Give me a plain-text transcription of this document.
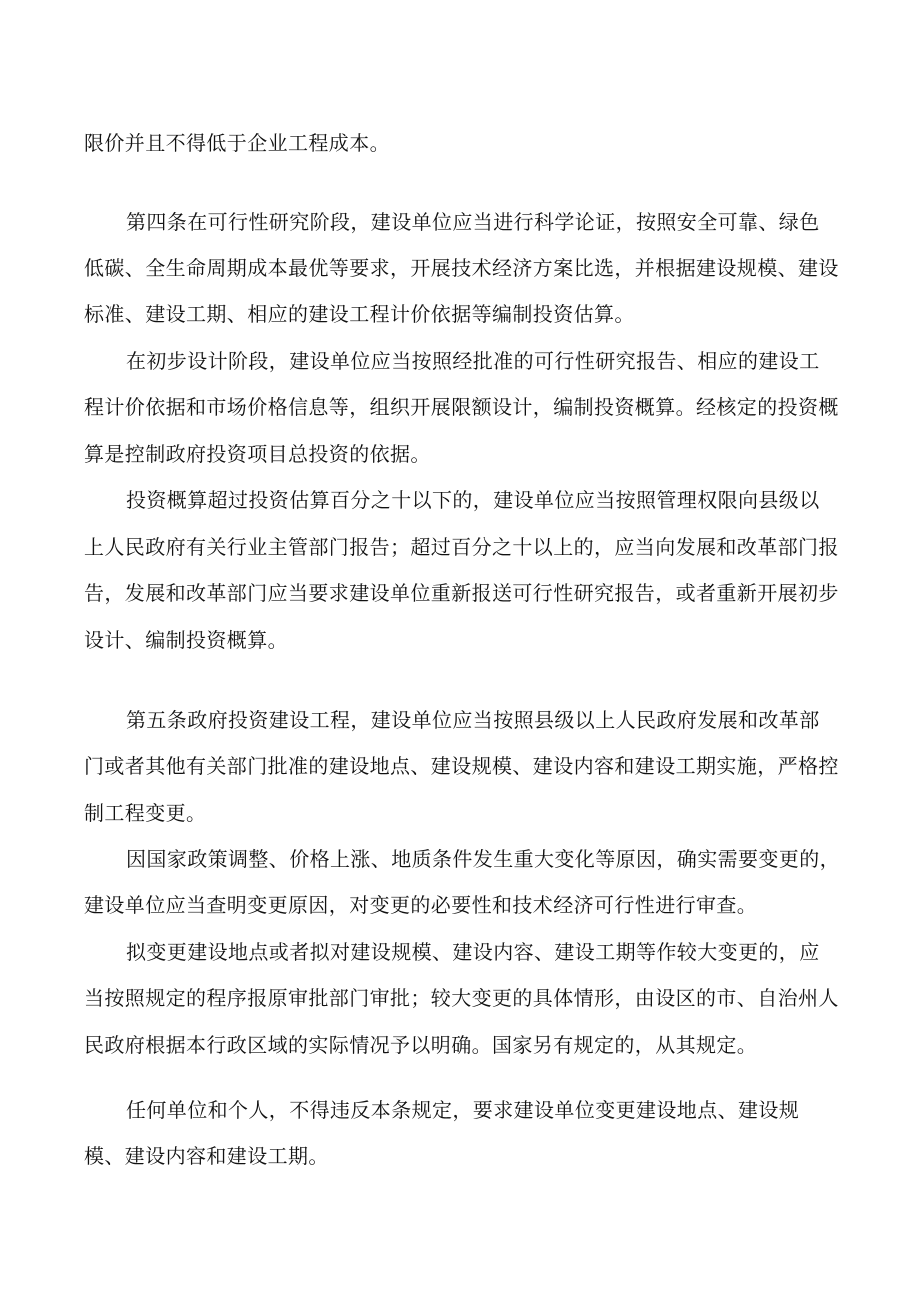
限价并且不得低于企业工程成本。
第四条在可行性研究阶段，建设单位应当进行科学论证，按照安全可靠、绿色
低碳、全生命周期成本最优等要求，开展技术经济方案比选，并根据建设规模、建设
标准、建设工期、相应的建设工程计价依据等编制投资估算。
在初步设计阶段，建设单位应当按照经批准的可行性研究报告、相应的建设工
程计价依据和市场价格信息等，组织开展限额设计，编制投资概算。经核定的投资概
算是控制政府投资项目总投资的依据。
投资概算超过投资估算百分之十以下的，建设单位应当按照管理权限向县级以
上人民政府有关行业主管部门报告；超过百分之十以上的，应当向发展和改革部门报
告，发展和改革部门应当要求建设单位重新报送可行性研究报告，或者重新开展初步
设计、编制投资概算。
第五条政府投资建设工程，建设单位应当按照县级以上人民政府发展和改革部
门或者其他有关部门批准的建设地点、建设规模、建设内容和建设工期实施，严格控
制工程变更。
因国家政策调整、价格上涨、地质条件发生重大变化等原因，确实需要变更的，
建设单位应当查明变更原因，对变更的必要性和技术经济可行性进行审查。
拟变更建设地点或者拟对建设规模、建设内容、建设工期等作较大变更的，应
当按照规定的程序报原审批部门审批；较大变更的具体情形，由设区的市、自治州人
民政府根据本行政区域的实际情况予以明确。国家另有规定的，从其规定。
任何单位和个人，不得违反本条规定，要求建设单位变更建设地点、建设规
模、建设内容和建设工期。
